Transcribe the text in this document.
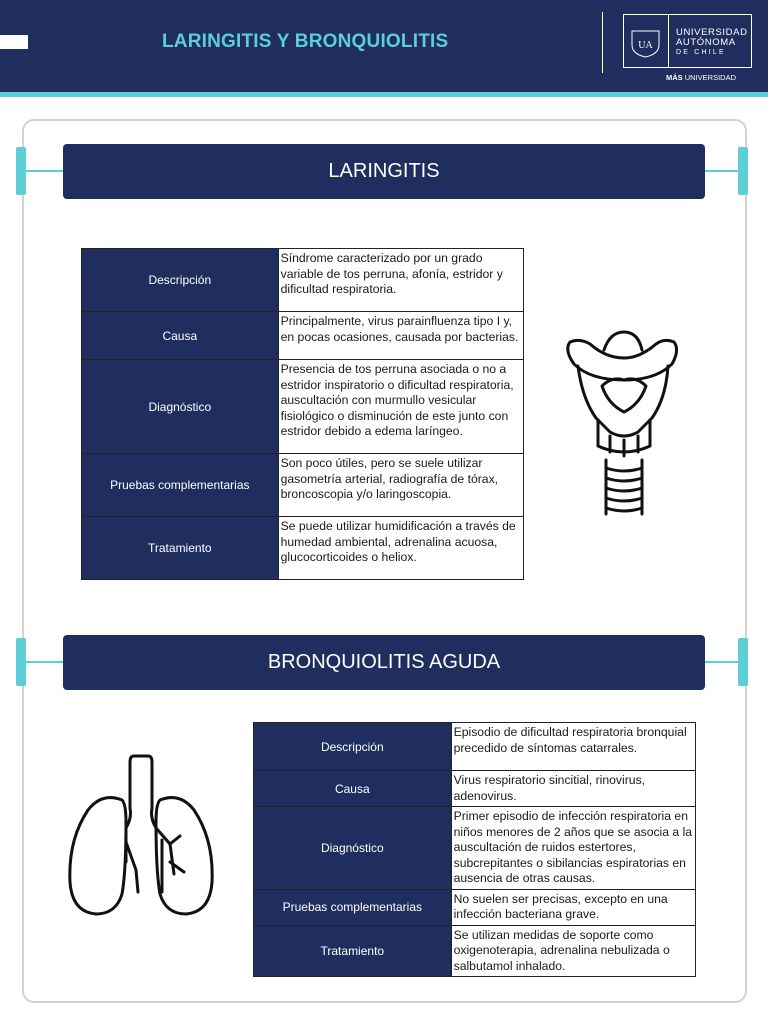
LARINGITIS Y BRONQUIOLITIS	UA
UNIVERSIDAD
AUTÓNOMA
DE CHILE
MÁS UNIVERSIDAD
LARINGITIS
Descripción	Síndrome caracterizado por un grado variable de tos perruna, afonía, estridor y dificultad respiratoria.
Causa	Principalmente, virus parainfluenza tipo I y, en pocas ocasiones, causada por bacterias.
Diagnóstico	Presencia de tos perruna asociada o no a estridor inspiratorio o dificultad respiratoria, auscultación con murmullo vesicular fisiológico o disminución de este junto con estridor debido a edema laríngeo.
Pruebas complementarias	Son poco útiles, pero se suele utilizar gasometría arterial, radiografía de tórax, broncoscopia y/o laringoscopia.
Tratamiento	Se puede utilizar humidificación a través de humedad ambiental, adrenalina acuosa, glucocorticoides o heliox.
BRONQUIOLITIS AGUDA
Descripción	Episodio de dificultad respiratoria bronquial precedido de síntomas catarrales.
Causa	Virus respiratorio sincitial, rinovirus, adenovirus.
Diagnóstico	Primer episodio de infección respiratoria en niños menores de 2 años que se asocia a la auscultación de ruidos estertores, subcrepitantes o sibilancias espiratorias en ausencia de otras causas.
Pruebas complementarias	No suelen ser precisas, excepto en una infección bacteriana grave.
Tratamiento	Se utilizan medidas de soporte como oxigenoterapia, adrenalina nebulizada o salbutamol inhalado.
